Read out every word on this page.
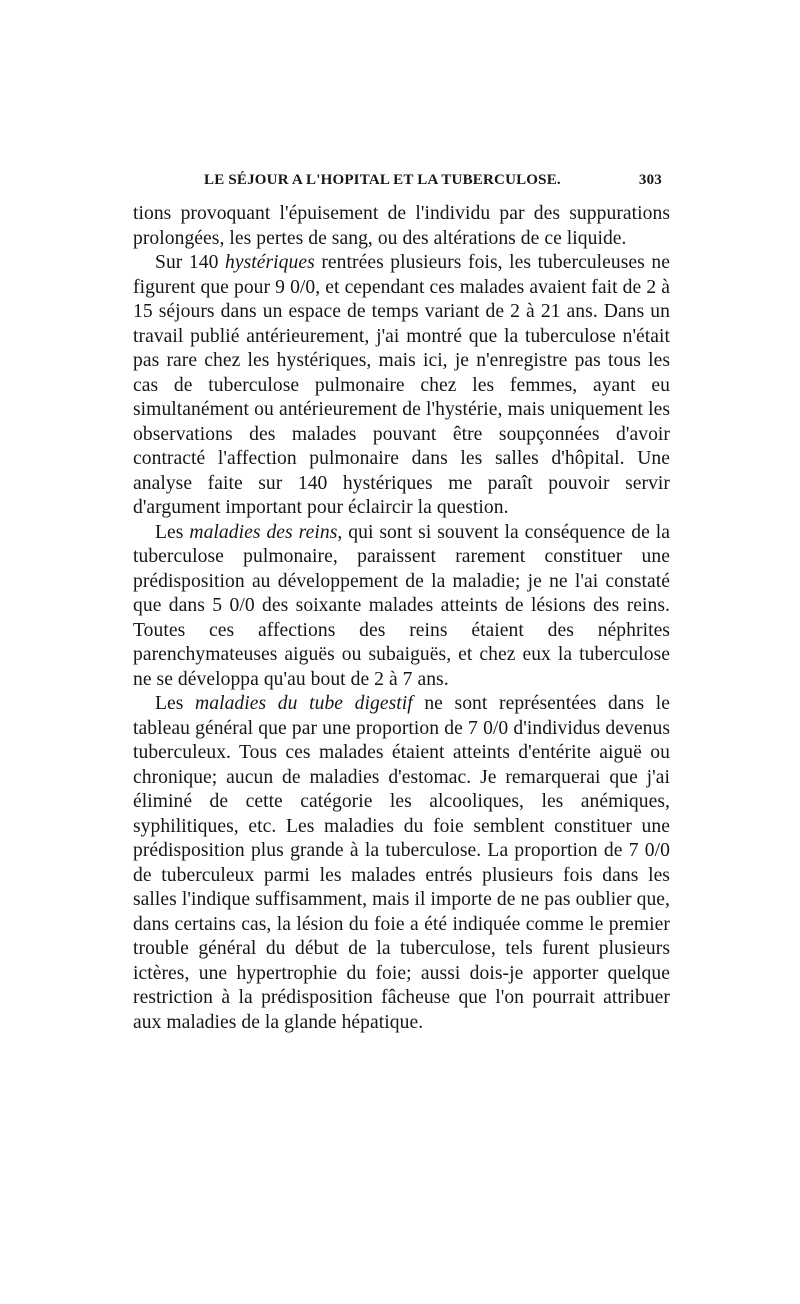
LE SÉJOUR A L'HOPITAL ET LA TUBERCULOSE.	303

tions provoquant l'épuisement de l'individu par des suppurations prolongées, les pertes de sang, ou des altérations de ce liquide.

Sur 140 hystériques rentrées plusieurs fois, les tuberculeuses ne figurent que pour 9 0/0, et cependant ces malades avaient fait de 2 à 15 séjours dans un espace de temps variant de 2 à 21 ans. Dans un travail publié antérieurement, j'ai montré que la tuberculose n'était pas rare chez les hystériques, mais ici, je n'enregistre pas tous les cas de tuberculose pulmonaire chez les femmes, ayant eu simultanément ou antérieurement de l'hystérie, mais uniquement les observations des malades pouvant être soupçonnées d'avoir contracté l'affection pulmonaire dans les salles d'hôpital. Une analyse faite sur 140 hystériques me paraît pouvoir servir d'argument important pour éclaircir la question.

Les maladies des reins, qui sont si souvent la conséquence de la tuberculose pulmonaire, paraissent rarement constituer une prédisposition au développement de la maladie; je ne l'ai constaté que dans 5 0/0 des soixante malades atteints de lésions des reins. Toutes ces affections des reins étaient des néphrites parenchymateuses aiguës ou subaiguës, et chez eux la tuberculose ne se développa qu'au bout de 2 à 7 ans.

Les maladies du tube digestif ne sont représentées dans le tableau général que par une proportion de 7 0/0 d'individus devenus tuberculeux. Tous ces malades étaient atteints d'entérite aiguë ou chronique; aucun de maladies d'estomac. Je remarquerai que j'ai éliminé de cette catégorie les alcooliques, les anémiques, syphilitiques, etc. Les maladies du foie semblent constituer une prédisposition plus grande à la tuberculose. La proportion de 7 0/0 de tuberculeux parmi les malades entrés plusieurs fois dans les salles l'indique suffisamment, mais il importe de ne pas oublier que, dans certains cas, la lésion du foie a été indiquée comme le premier trouble général du début de la tuberculose, tels furent plusieurs ictères, une hypertrophie du foie; aussi dois-je apporter quelque restriction à la prédisposition fâcheuse que l'on pourrait attribuer aux maladies de la glande hépatique.
